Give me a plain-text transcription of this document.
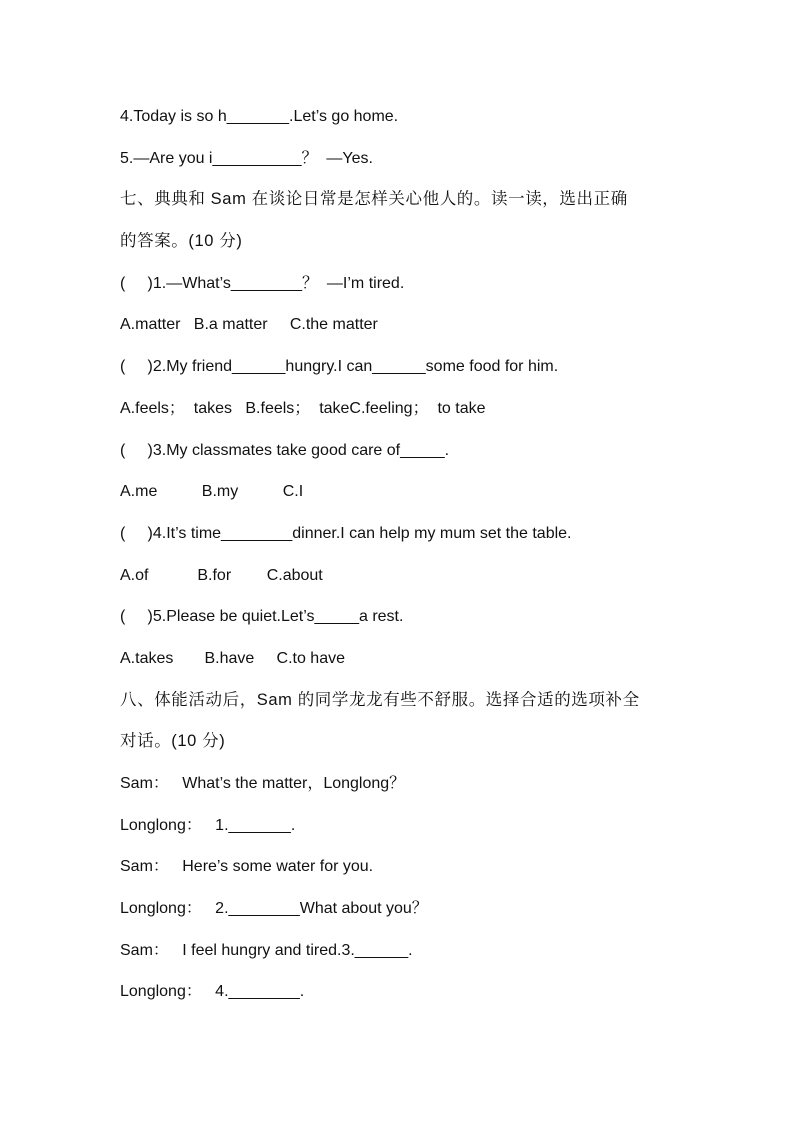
4.Today is so h_______.Let’s go home.
5.—Are you i__________？  —Yes.
七、典典和 Sam 在谈论日常是怎样关心他人的。读一读，选出正确
的答案。(10 分)
(     )1.—What’s________？  —I’m tired.
A.matter   B.a matter     C.the matter
(     )2.My friend______hungry.I can______some food for him.
A.feels；  takes   B.feels；  takeC.feeling；  to take
(     )3.My classmates take good care of_____.
A.me          B.my          C.I
(     )4.It’s time________dinner.I can help my mum set the table.
A.of           B.for        C.about
(     )5.Please be quiet.Let’s_____a rest.
A.takes       B.have     C.to have
八、体能活动后，Sam 的同学龙龙有些不舒服。选择合适的选项补全
对话。(10 分)
Sam：   What’s the matter，Longlong？
Longlong：   1._______.
Sam：   Here’s some water for you.
Longlong：   2.________What about you？
Sam：   I feel hungry and tired.3.______.
Longlong：   4.________.
